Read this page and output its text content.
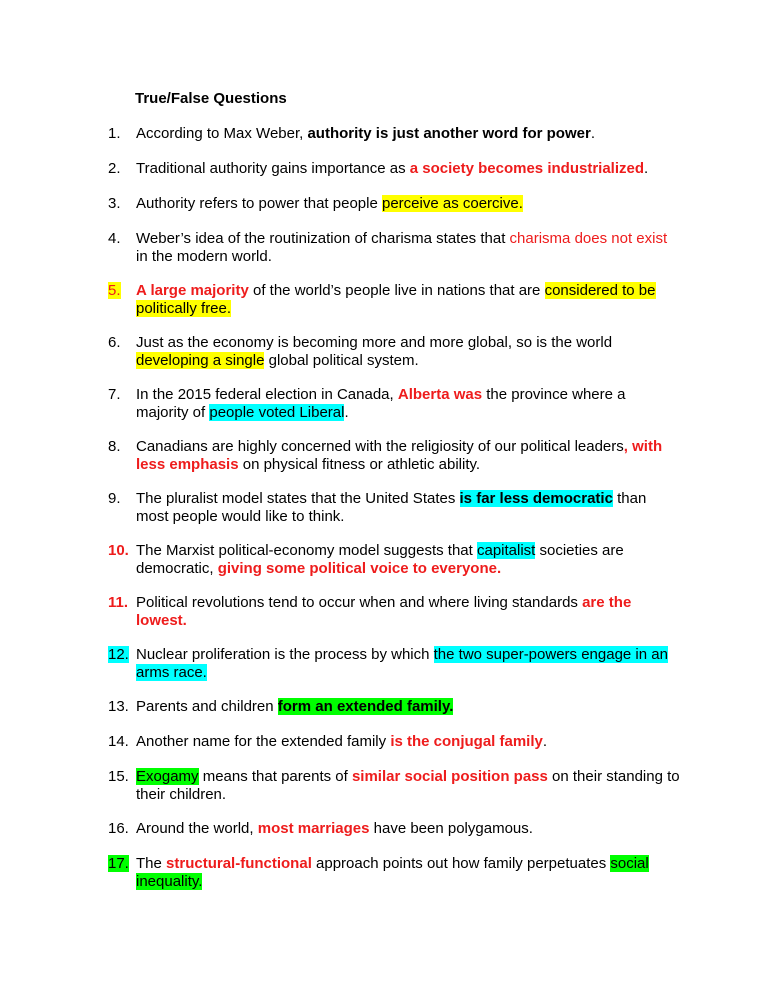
True/False Questions
1.	According to Max Weber, authority is just another word for power.
2.	Traditional authority gains importance as a society becomes industrialized.
3.	Authority refers to power that people perceive as coercive.
4.	Weber’s idea of the routinization of charisma states that charisma does not exist in the modern world.
5.	A large majority of the world’s people live in nations that are considered to be politically free.
6.	Just as the economy is becoming more and more global, so is the world developing a single global political system.
7.	In the 2015 federal election in Canada, Alberta was the province where a majority of people voted Liberal.
8.	Canadians are highly concerned with the religiosity of our political leaders, with less emphasis on physical fitness or athletic ability.
9.	The pluralist model states that the United States is far less democratic than most people would like to think.
10. The Marxist political-economy model suggests that capitalist societies are democratic, giving some political voice to everyone.
11. Political revolutions tend to occur when and where living standards are the lowest.
12. Nuclear proliferation is the process by which the two super-powers engage in an arms race.
13. Parents and children form an extended family.
14. Another name for the extended family is the conjugal family.
15. Exogamy means that parents of similar social position pass on their standing to their children.
16. Around the world, most marriages have been polygamous.
17. The structural-functional approach points out how family perpetuates social inequality.
